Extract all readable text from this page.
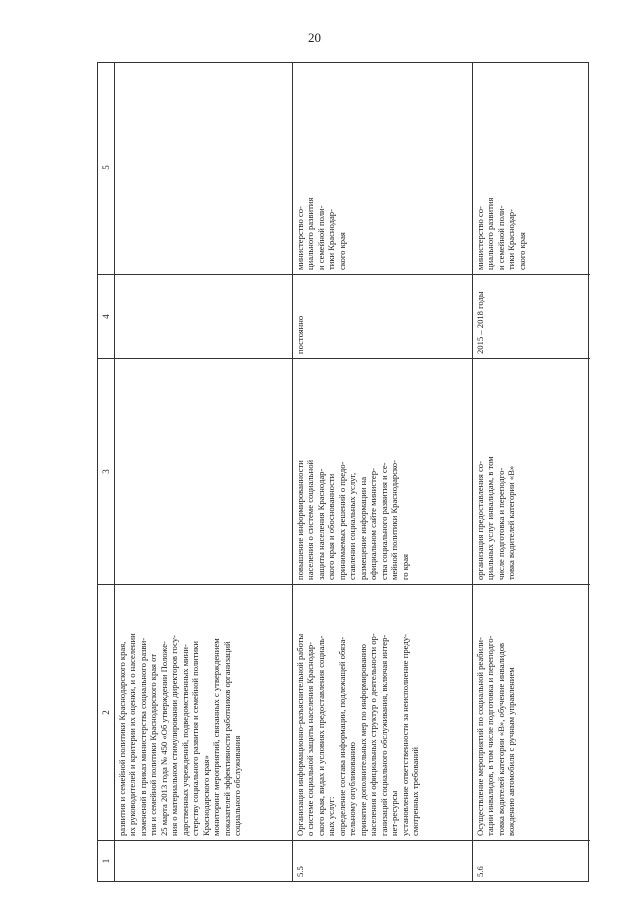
20
1
2
3
4
5
развития и семейной политики Краснодарского края, их руководителей и критерии их оценки, и о населении изменений в приказ министерства социального разви- тия и семейной политики Краснодарского края от 25 марта 2013 года № 450 «Об утверждении Положе- ния о материальном стимулировании директоров госу- дарственных учреждений, подведомственных мини- стерству социального развития и семейной политики Краснодарского края» мониторинг мероприятий, связанных с утверждением показателей эффективности работников организаций социального обслуживания
5.5
Организация информационно-разъяснительной работы о системе социальной защиты населения Краснодар- ского края, видах и условиях предоставления социаль- ных услуг: определение состава информации, подлежащей обяза- тельному опубликованию принятие дополнительных мер по информированию населения и официальных структур о деятельности ор- ганизаций социального обслуживания, включая интер- нет-ресурсы установление ответственности за неисполнение преду- смотренных требований
повышение информированности населения о системе социальной защиты населения Краснодар- ского края и обоснованности принимаемых решений о предо- ставлении социальных услуг, размещение информации на официальном сайте министер- ства социального развития и се- мейной политики Краснодарско- го края
постоянно
министерство со- циального развития и семейной поли- тики Краснодар- ского края
5.6
Осуществление мероприятий по социальной реабили- тации инвалидов, в том числе подготовка и переподго- товка водителей категории «В», обучение инвалидов вождению автомобиля с ручным управлением
организация предоставления со- циальных услуг инвалидам, в том числе подготовка и переподго- товка водителей категории «В»
2015 – 2018 годы
министерство со- циального развития и семейной поли- тики Краснодар- ского края
